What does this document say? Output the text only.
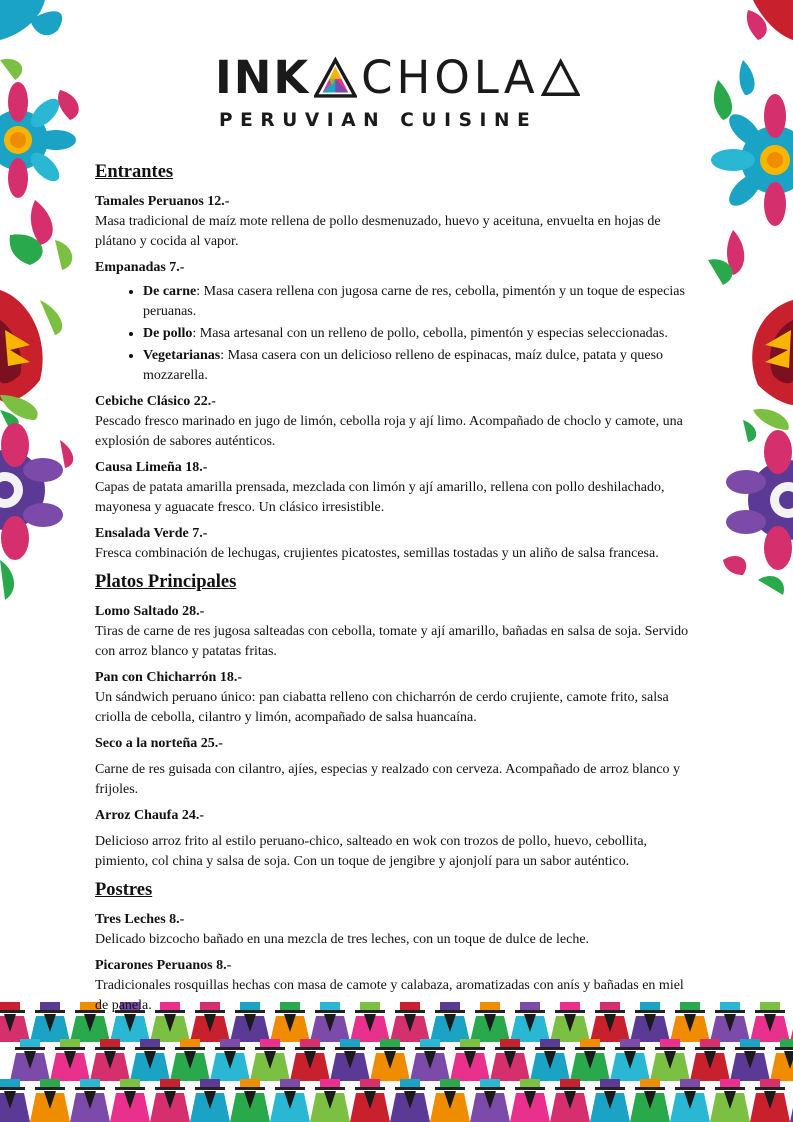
INK CHOLA
PERUVIAN CUISINE
Entrantes

Tamales Peruanos 12.-

Masa tradicional de maíz mote rellena de pollo desmenuzado, huevo y aceituna, envuelta en hojas de plátano y cocida al vapor.

Empanadas 7.-

• De carne: Masa casera rellena con jugosa carne de res, cebolla, pimentón y un toque de especias peruanas.
• De pollo: Masa artesanal con un relleno de pollo, cebolla, pimentón y especias seleccionadas.
• Vegetarianas: Masa casera con un delicioso relleno de espinacas, maíz dulce, patata y queso mozzarella.

Cebiche Clásico 22.-

Pescado fresco marinado en jugo de limón, cebolla roja y ají limo. Acompañado de choclo y camote, una explosión de sabores auténticos.

Causa Limeña 18.-

Capas de patata amarilla prensada, mezclada con limón y ají amarillo, rellena con pollo deshilachado, mayonesa y aguacate fresco. Un clásico irresistible.

Ensalada Verde 7.-

Fresca combinación de lechugas, crujientes picatostes, semillas tostadas y un aliño de salsa francesa.

Platos Principales

Lomo Saltado 28.-

Tiras de carne de res jugosa salteadas con cebolla, tomate y ají amarillo, bañadas en salsa de soja. Servido con arroz blanco y patatas fritas.

Pan con Chicharrón 18.-

Un sándwich peruano único: pan ciabatta relleno con chicharrón de cerdo crujiente, camote frito, salsa criolla de cebolla, cilantro y limón, acompañado de salsa huancaína.

Seco a la norteña 25.-

Carne de res guisada con cilantro, ajíes, especias y realzado con cerveza. Acompañado de arroz blanco y frijoles.

Arroz Chaufa 24.-

Delicioso arroz frito al estilo peruano-chico, salteado en wok con trozos de pollo, huevo, cebollita, pimiento, col china y salsa de soja. Con un toque de jengibre y ajonjolí para un sabor auténtico.

Postres

Tres Leches 8.-

Delicado bizcocho bañado en una mezcla de tres leches, con un toque de dulce de leche.

Picarones Peruanos 8.-

Tradicionales rosquillas hechas con masa de camote y calabaza, aromatizadas con anís y bañadas en miel de panela.
